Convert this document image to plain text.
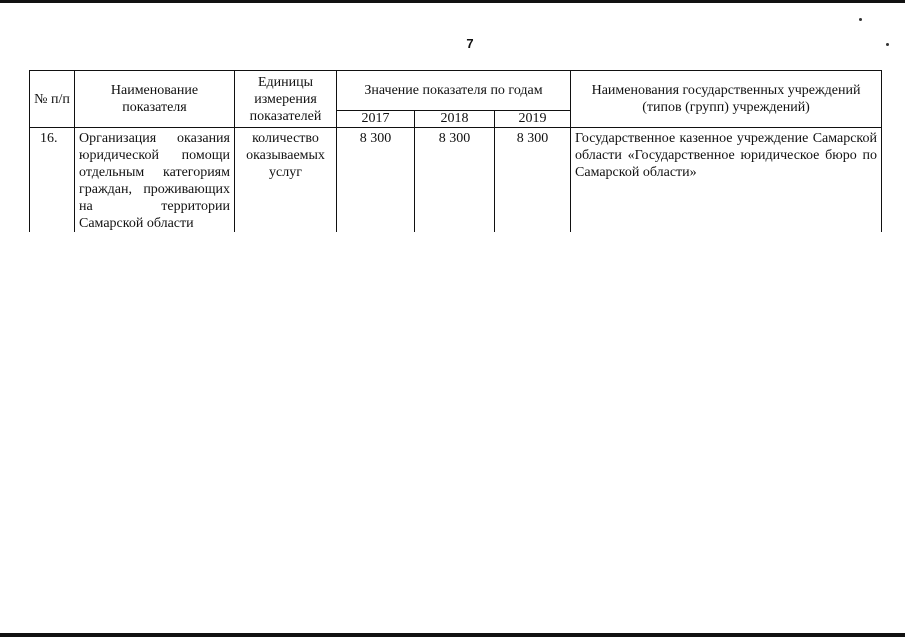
7
№ п/п	Наименование показателя	Единицы измерения показателей	Значение показателя по годам			Наименования государственных учреждений (типов (групп) учреждений)
			2017	2018	2019	
16.	Организация оказания юридической помощи отдельным категориям граждан, проживающих на территории Самарской области	количество оказываемых услуг	8 300	8 300	8 300	Государственное казенное учреждение Самарской области «Государственное юридическое бюро по Самарской области»
